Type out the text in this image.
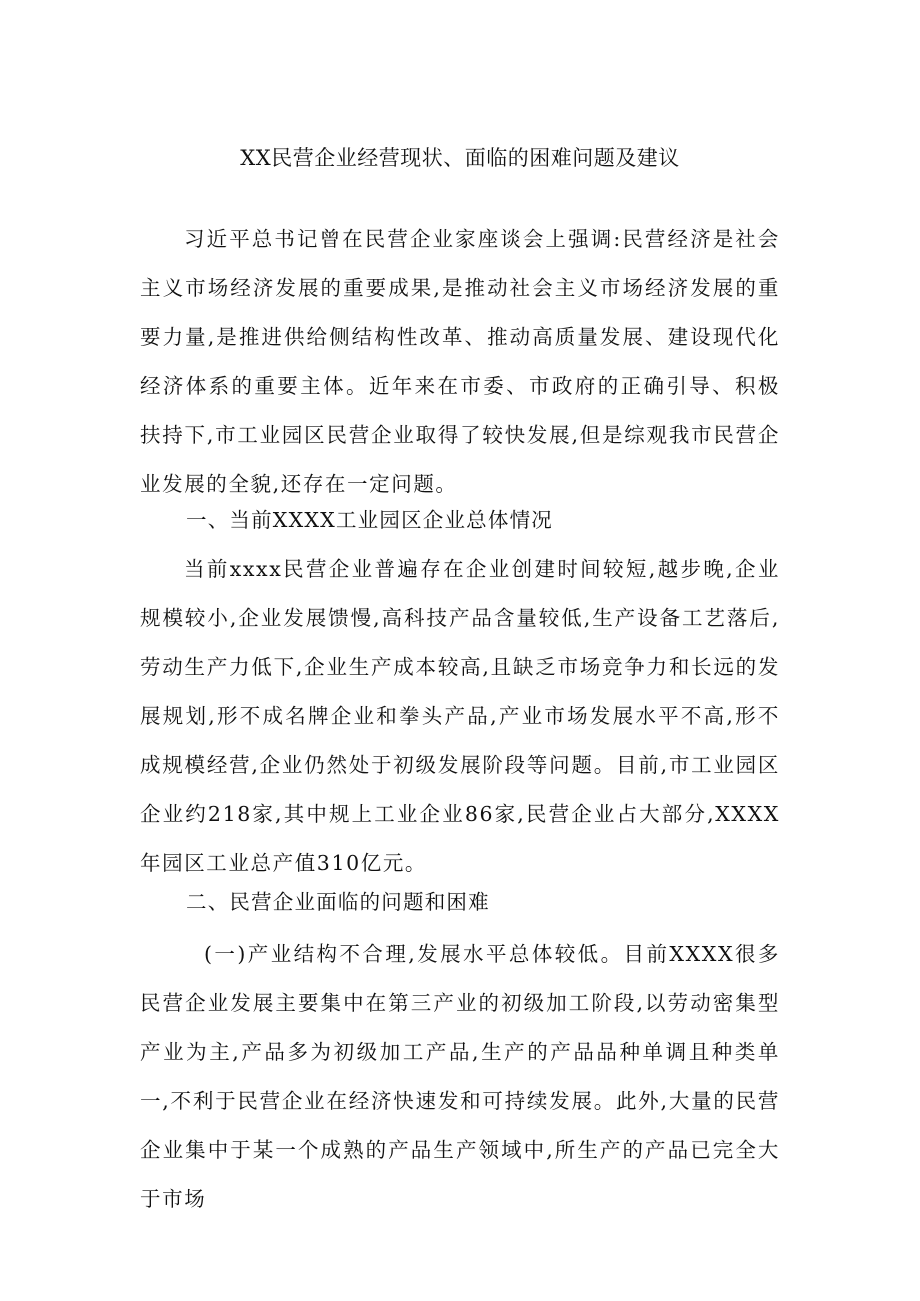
XX民营企业经营现状、面临的困难问题及建议

习近平总书记曾在民营企业家座谈会上强调:民营经济是社会主义市场经济发展的重要成果,是推动社会主义市场经济发展的重要力量,是推进供给侧结构性改革、推动高质量发展、建设现代化经济体系的重要主体。近年来在市委、市政府的正确引导、积极扶持下,市工业园区民营企业取得了较快发展,但是综观我市民营企业发展的全貌,还存在一定问题。

一、当前XXXX工业园区企业总体情况

当前xxxx民营企业普遍存在企业创建时间较短,越步晚,企业规模较小,企业发展馈慢,高科技产品含量较低,生产设备工艺落后,劳动生产力低下,企业生产成本较高,且缺乏市场竞争力和长远的发展规划,形不成名牌企业和拳头产品,产业市场发展水平不高,形不成规模经营,企业仍然处于初级发展阶段等问题。目前,市工业园区企业约218家,其中规上工业企业86家,民营企业占大部分,XXXX年园区工业总产值310亿元。

二、民营企业面临的问题和困难

(一)产业结构不合理,发展水平总体较低。目前XXXX很多民营企业发展主要集中在第三产业的初级加工阶段,以劳动密集型产业为主,产品多为初级加工产品,生产的产品品种单调且种类单一,不利于民营企业在经济快速发和可持续发展。此外,大量的民营企业集中于某一个成熟的产品生产领域中,所生产的产品已完全大于市场
